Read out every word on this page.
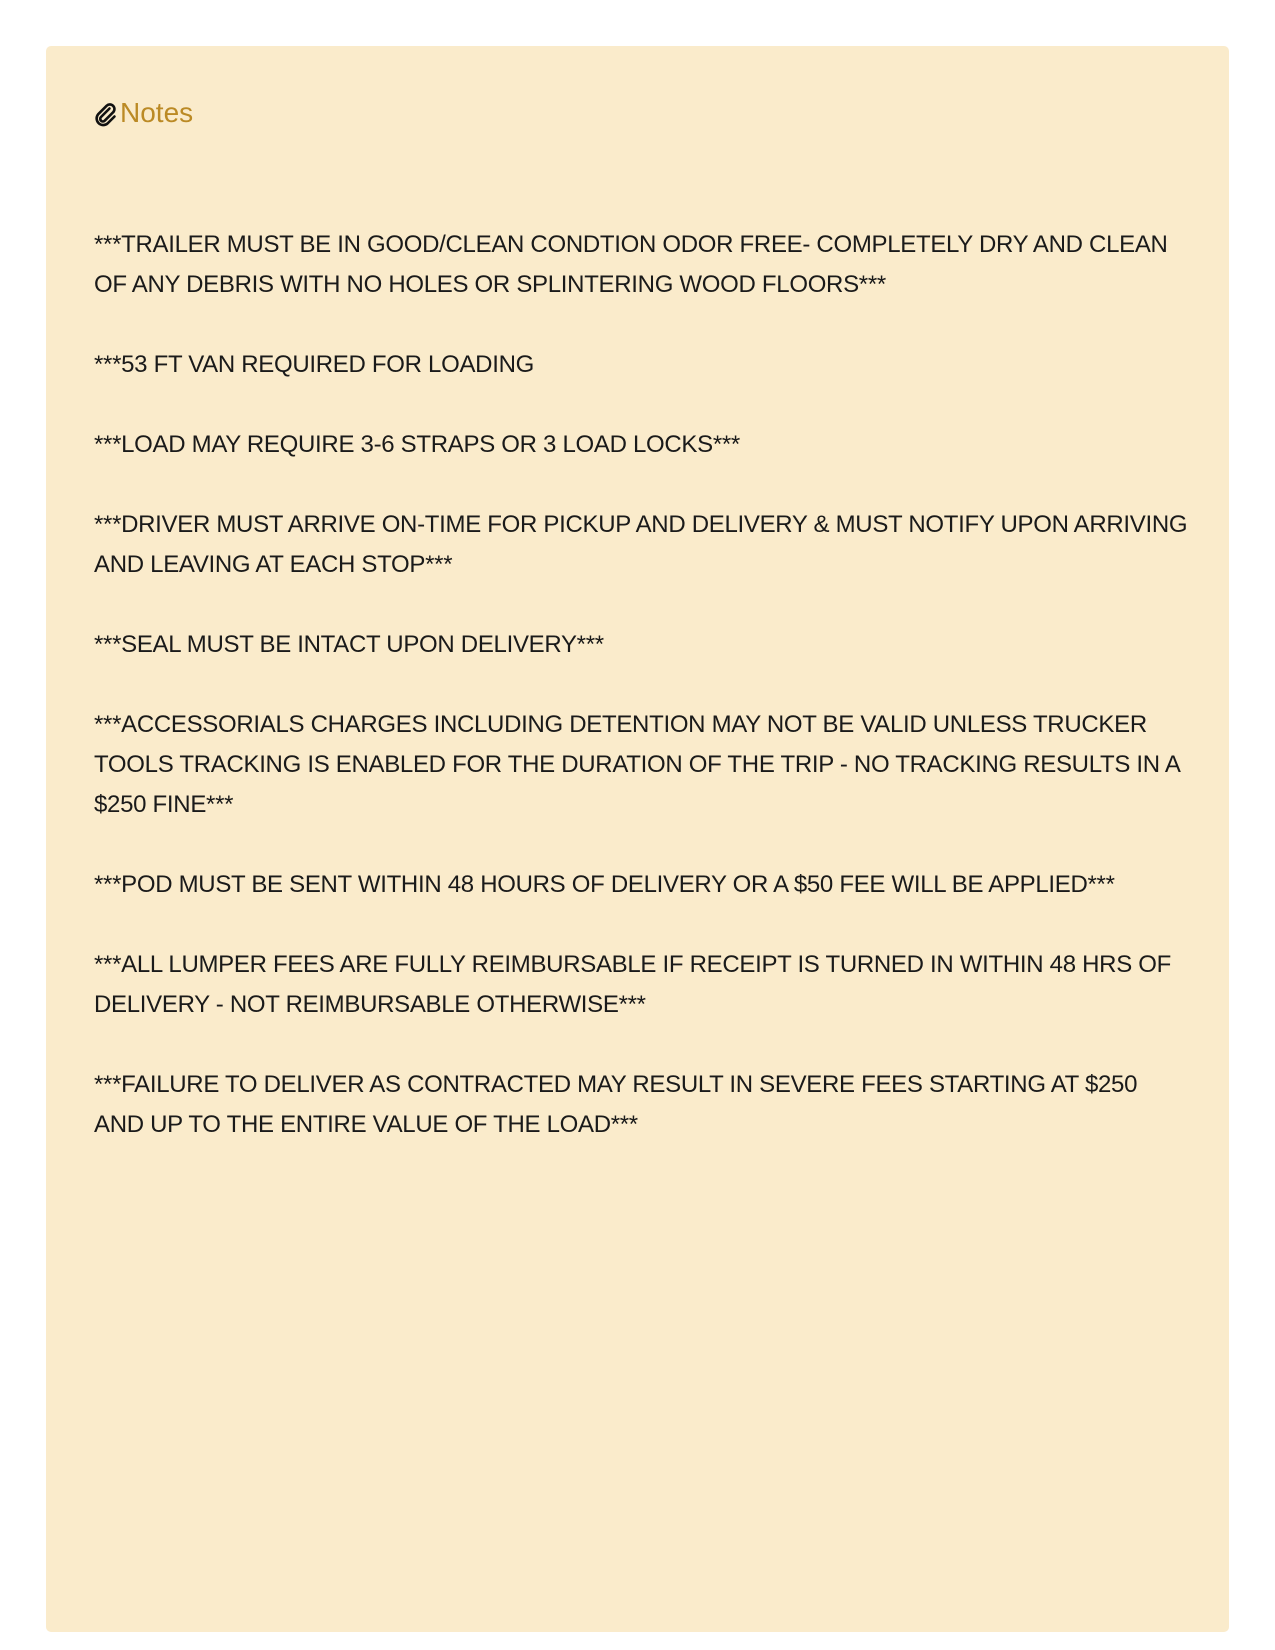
Notes

***TRAILER MUST BE IN GOOD/CLEAN CONDTION ODOR FREE- COMPLETELY DRY AND CLEAN OF ANY DEBRIS WITH NO HOLES OR SPLINTERING WOOD FLOORS***

***53 FT VAN REQUIRED FOR LOADING

***LOAD MAY REQUIRE 3-6 STRAPS OR 3 LOAD LOCKS***

***DRIVER MUST ARRIVE ON-TIME FOR PICKUP AND DELIVERY & MUST NOTIFY UPON ARRIVING AND LEAVING AT EACH STOP***

***SEAL MUST BE INTACT UPON DELIVERY***

***ACCESSORIALS CHARGES INCLUDING DETENTION MAY NOT BE VALID UNLESS TRUCKER TOOLS TRACKING IS ENABLED FOR THE DURATION OF THE TRIP - NO TRACKING RESULTS IN A $250 FINE***

***POD MUST BE SENT WITHIN 48 HOURS OF DELIVERY OR A $50 FEE WILL BE APPLIED***

***ALL LUMPER FEES ARE FULLY REIMBURSABLE IF RECEIPT IS TURNED IN WITHIN 48 HRS OF DELIVERY - NOT REIMBURSABLE OTHERWISE***

***FAILURE TO DELIVER AS CONTRACTED MAY RESULT IN SEVERE FEES STARTING AT $250 AND UP TO THE ENTIRE VALUE OF THE LOAD***
